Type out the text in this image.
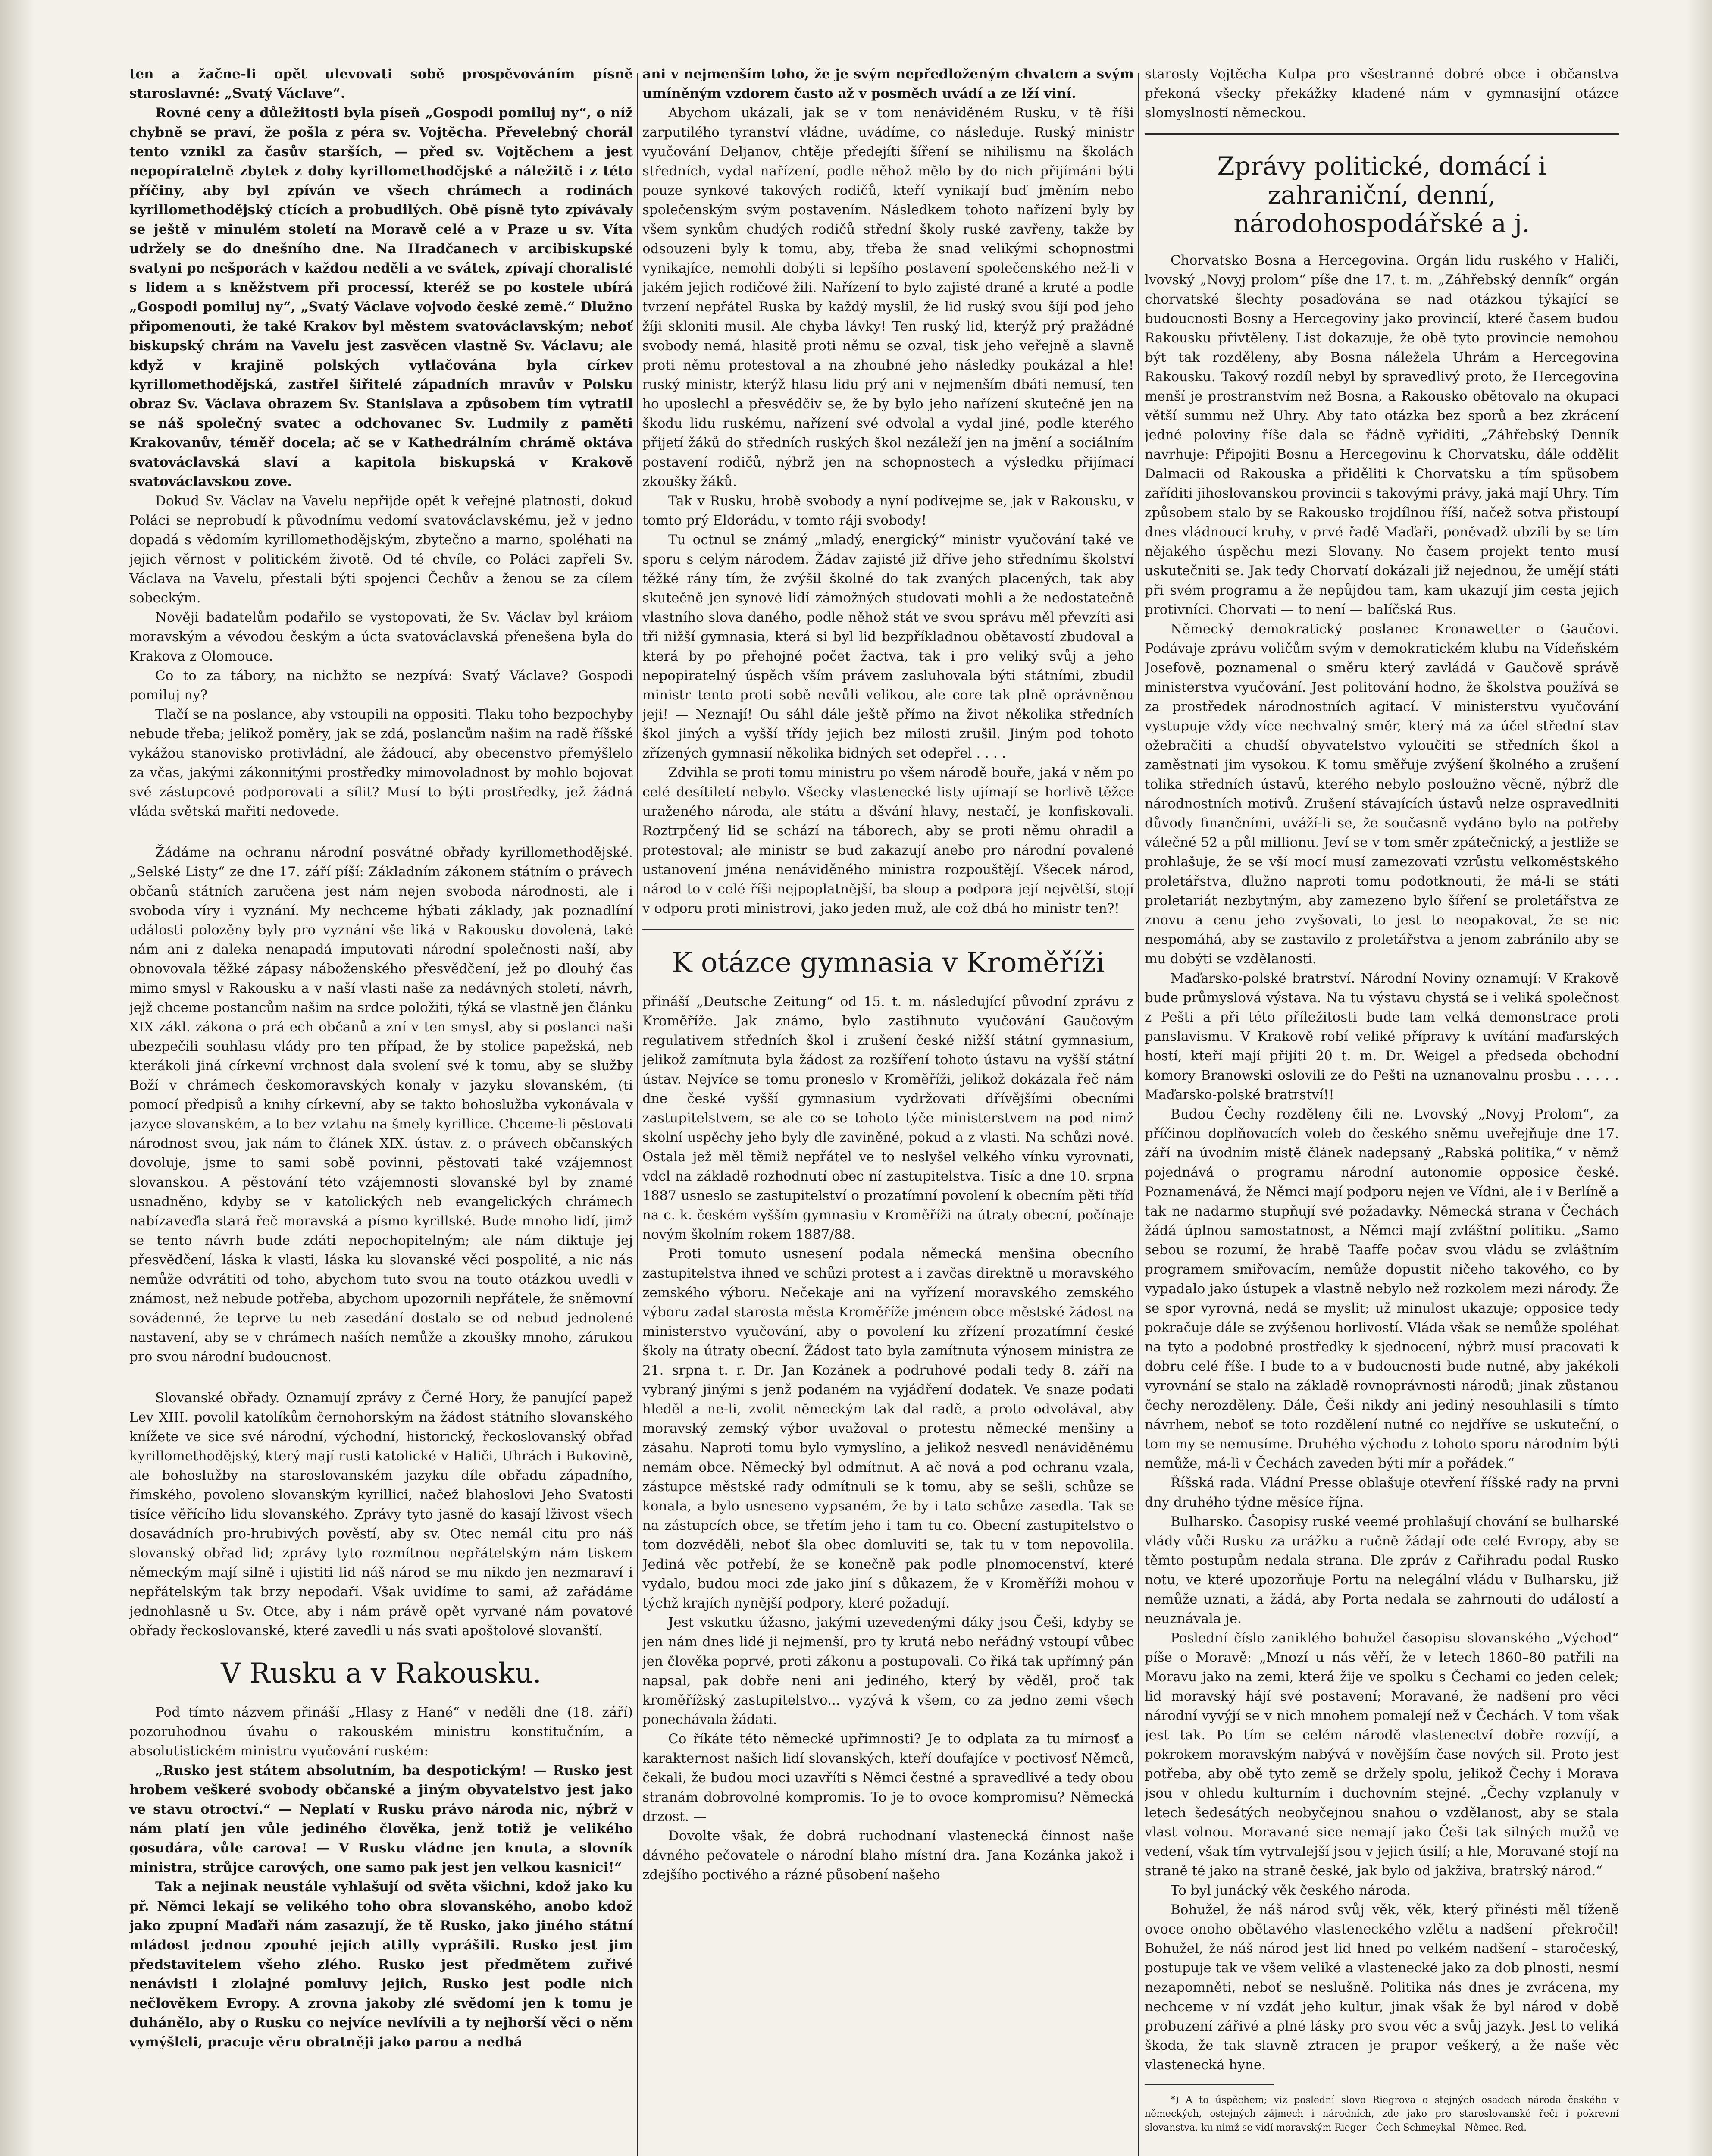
ten a žačne-li opět ulevovati sobě prospěvováním písně staroslavné: „Svatý Václave“.

Rovné ceny a důležitosti byla píseň „Gospodi pomiluj ny“, o níž chybně se praví, že pošla z péra sv. Vojtěcha. Převelebný chorál tento vznikl za časův starších, — před sv. Vojtěchem a jest nepopíratelně zbytek z doby kyrillomethodějské a náležitě i z této příčiny, aby byl zpíván ve všech chrámech a rodinách kyrillomethodějský ctících a probudilých. Obě písně tyto zpívávaly se ještě v minulém století na Moravě celé a v Praze u sv. Víta udržely se do dnešního dne. Na Hradčanech v arcibiskupské svatyni po nešporách v každou neděli a ve svátek, zpívají choralisté s lidem a s kněžstvem při processí, kteréž se po kostele ubírá „Gospodi pomiluj ny“, „Svatý Václave vojvodo české země.“ Dlužno připomenouti, že také Krakov byl městem svatováclavským; neboť biskupský chrám na Vavelu jest zasvěcen vlastně Sv. Václavu; ale když v krajině polských vytlačována byla církev kyrillomethodějská, zastřel šiřitelé západních mravův v Polsku obraz Sv. Václava obrazem Sv. Stanislava a způsobem tím vytratil se náš společný svatec a odchovanec Sv. Ludmily z paměti Krakovanův, téměř docela; ač se v Kathedrálním chrámě oktáva svatováclavská slaví a kapitola biskupská v Krakově svatováclavskou zove.

Dokud Sv. Václav na Vavelu nepřijde opět k veřejné platnosti, dokud Poláci se neprobudí k původnímu vedomí svatováclavskému, jež v jedno dopadá s vědomím kyrillomethodějským, zbytečno a marno, spoléhati na jejich věrnost v politickém životě. Od té chvíle, co Poláci zapřeli Sv. Václava na Vavelu, přestali býti spojenci Čechův a ženou se za cílem sobeckým.

Nověji badatelům podařilo se vystopovati, že Sv. Václav byl kráiom moravským a vévodou českým a úcta svatováclavská přenešena byla do Krakova z Olomouce.

Co to za tábory, na nichžto se nezpívá: Svatý Václave? Gospodi pomiluj ny?

Tlačí se na poslance, aby vstoupili na oppositi. Tlaku toho bezpochyby nebude třeba; jelikož poměry, jak se zdá, poslancům našim na radě říšské vykážou stanovisko protivládní, ale žádoucí, aby obecenstvo přemýšlelo za včas, jakými zákonnitými prostředky mimovoladnost by mohlo bojovat své zástupcové podporovati a sílit? Musí to býti prostředky, jež žádná vláda světská mařiti nedovede.

Žádáme na ochranu národní posvátné obřady kyrillomethodějské. „Selské Listy“ ze dne 17. září píší: Základním zákonem státním o právech občanů státních zaručena jest nám nejen svoboda národnosti, ale i svoboda víry i vyznání. My nechceme hýbati základy, jak poznadlíní události polozěny byly pro vyznání vše liká v Rakousku dovolená, také nám ani z daleka nenapadá imputovati národní společnosti naší, aby obnovovala těžké zápasy náboženského přesvědčení, jež po dlouhý čas mimo smysl v Rakousku a v naší vlasti naše za nedávných století, návrh, jejž chceme postancům našim na srdce položiti, týká se vlastně jen článku XIX zákl. zákona o prá ech občanů a zní v ten smysl, aby si poslanci naši ubezpečili souhlasu vlády pro ten případ, že by stolice papežská, neb kterákoli jiná církevní vrchnost dala svolení své k tomu, aby se služby Boží v chrámech českomoravských konaly v jazyku slovanském, (ti pomocí předpisů a knihy církevní, aby se takto bohoslužba vykonávala v jazyce slovanském, a to bez vztahu na šmely kyrillice. Chceme-li pěstovati národnost svou, jak nám to článek XIX. ústav. z. o právech občanských dovoluje, jsme to sami sobě povinni, pěstovati také vzájemnost slovanskou. A pěstování této vzájemnosti slovanské byl by znamé usnadněno, kdyby se v katolických neb evangelických chrámech nabízaveďla stará řeč moravská a písmo kyrillské. Bude mnoho lidí, jimž se tento návrh bude zdáti nepochopitelným; ale nám diktuje jej přesvědčení, láska k vlasti, láska ku slovanské věci pospolité, a nic nás nemůže odvrátiti od toho, abychom tuto svou na touto otázkou uvedli v známost, než nebude potřeba, abychom upozornili nepřátele, že sněmovní sovádenné, že teprve tu neb zasedání dostalo se od nebud jednolené nastavení, aby se v chrámech naších nemůže a zkoušky mnoho, zárukou pro svou národní budoucnost.

Slovanské obřady. Oznamují zprávy z Černé Hory, že panující papež Lev XIII. povolil katolíkům černohorským na žádost státního slovanského knížete ve sice své národní, východní, historický, řeckoslovanský obřad kyrillomethodějský, který mají rusti katolické v Haliči, Uhrách i Bukovině, ale bohoslužby na staroslovanském jazyku díle obřadu západního, římského, povoleno slovanským kyrillici, načež blahoslovi Jeho Svatosti tisíce věřícího lidu slovanského. Zprávy tyto jasně do kasají lživost všech dosavádních pro-hrubivých pověstí, aby sv. Otec nemál citu pro náš slovanský obřad lid; zprávy tyto rozmítnou nepřátelským nám tiskem německým mají silně i ujistiti lid náš národ se mu nikdo jen nezmaraví i nepřátelským tak brzy nepodaří. Však uvidíme to sami, až zařádáme jednohlasně u Sv. Otce, aby i nám právě opět vyrvané nám povatové obřady řeckoslovanské, které zavedli u nás svati apoštolové slovanští.

V Rusku a v Rakousku.

Pod tímto názvem přináší „Hlasy z Hané“ v neděli dne (18. září) pozoruhodnou úvahu o rakouském ministru konstitučním, a absolutistickém ministru vyučování ruském:

„Rusko jest státem absolutním, ba despotickým! — Rusko jest hrobem veškeré svobody občanské a jiným obyvatelstvo jest jako ve stavu otroctví.“ — Neplatí v Rusku právo národa nic, nýbrž v nám platí jen vůle jediného člověka, jenž totiž je velikého gosudára, vůle carova! — V Rusku vládne jen knuta, a slovník ministra, strůjce carových, one samo pak jest jen velkou kasnici!“

Tak a nejinak neustále vyhlašují od světa všichni, kdož jako ku př. Němci lekají se velikého toho obra slovanského, anobo kdož jako zpupní Maďaři nám zasazují, že tě Rusko, jako jiného státní mládost jednou zpouhé jejich atilly vyprášili. Rusko jest jim představitelem všeho zlého. Rusko jest předmětem zuřivé nenávisti i zlolajné pomluvy jejich, Rusko jest podle nich nečlověkem Evropy. A zrovna jakoby zlé svědomí jen k tomu je duhánělo, aby o Rusku co nejvíce nevlívili a ty nejhorší věci o něm vymýšleli, pracuje věru obratněji jako parou a nedbá

ani v nejmenším toho, že je svým nepředloženým chvatem a svým umíněným vzdorem často až v posměch uvádí a ze lží viní.

Abychom ukázali, jak se v tom nenáviděném Rusku, v tě říši zarputilého tyranství vládne, uvádíme, co následuje. Ruský ministr vyučování Deljanov, chtěje předejíti šíření se nihilismu na školách středních, vydal nařízení, podle něhož mělo by do nich přijímáni býti pouze synkové takových rodičů, kteří vynikají buď jměním nebo společenským svým postavením. Následkem tohoto nařízení byly by všem synkům chudých rodičů střední školy ruské zavřeny, takže by odsouzeni byly k tomu, aby, třeba že snad velikými schopnostmi vynikajíce, nemohli dobýti si lepšího postavení společenského než-li v jakém jejich rodičové žili. Nařízení to bylo zajisté drané a kruté a podle tvrzení nepřátel Ruska by každý myslil, že lid ruský svou šíjí pod jeho žíji skloniti musil. Ale chyba lávky! Ten ruský lid, kterýž prý pražádné svobody nemá, hlasitě proti němu se ozval, tisk jeho veřejně a slavně proti němu protestoval a na zhoubné jeho následky poukázal a hle! ruský ministr, kterýž hlasu lidu prý ani v nejmenším dbáti nemusí, ten ho uposlechl a přesvědčiv se, že by bylo jeho nařízení skutečně jen na škodu lidu ruskému, nařízení své odvolal a vydal jiné, podle kterého přijetí žáků do středních ruských škol nezáleží jen na jmění a sociálním postavení rodičů, nýbrž jen na schopnostech a výsledku přijímací zkoušky žáků.

Tak v Rusku, hrobě svobody a nyní podívejme se, jak v Rakousku, v tomto prý Eldorádu, v tomto ráji svobody!

Tu octnul se známý „mladý, energický“ ministr vyučování také ve sporu s celým národem. Žádav zajisté již dříve jeho střednímu školství těžké rány tím, že zvýšil školné do tak zvaných placených, tak aby skutečně jen synové lidí zámožných studovati mohli a že nedostatečně vlastního slova daného, podle něhož stát ve svou správu měl převzíti asi tři nižší gymnasia, která si byl lid bezpříkladnou obětavostí zbudoval a která by po přehojné počet žactva, tak i pro veliký svůj a jeho nepopiratelný úspěch vším právem zasluhovala býti státními, zbudil ministr tento proti sobě nevůli velikou, ale core tak plně oprávněnou jeji! — Neznají! Ou sáhl dále ještě přímo na život několika středních škol jiných a vyšší třídy jejich bez milosti zrušil. Jiným pod tohoto zřízených gymnasií několika bidných set odepřel . . . .

Zdvihla se proti tomu ministru po všem národě bouře, jaká v něm po celé desítiletí nebylo. Všecky vlastenecké listy ujímají se horlivě těžce uraženého národa, ale státu a dšvání hlavy, nestačí, je konfiskovali. Roztrpčený lid se schází na táborech, aby se proti němu ohradil a protestoval; ale ministr se bud zakazují anebo pro národní povalené ustanovení jména nenáviděného ministra rozpouštějí. Všecek národ, národ to v celé říši nejpoplatnější, ba sloup a podpora její největší, stojí v odporu proti ministrovi, jako jeden muž, ale což dbá ho ministr ten?!

K otázce gymnasia v Kroměříži

přináší „Deutsche Zeitung“ od 15. t. m. následující původní zprávu z Kroměříže. Jak známo, bylo zastihnuto vyučování Gaučovým regulativem středních škol i zrušení české nižší státní gymnasium, jelikož zamítnuta byla žádost za rozšíření tohoto ústavu na vyšší státní ústav. Nejvíce se tomu proneslo v Kroměříži, jelikož dokázala řeč nám dne české vyšší gymnasium vydržovati dřívějšími obecními zastupitelstvem, se ale co se tohoto týče ministerstvem na pod nimž skolní uspěchy jeho byly dle zaviněné, pokud a z vlasti. Na schůzi nové. Ostala jež měl těmiž nepřátel ve to neslyšel velkého vínku vyrovnati, vdcl na základě rozhodnutí obec ní zastupitelstva. Tisíc a dne 10. srpna 1887 usneslo se zastupitelství o prozatímní povolení k obecním pěti tříd na c. k. českém vyšším gymnasiu v Kroměříži na útraty obecní, počínaje novým školním rokem 1887/88.

Proti tomuto usnesení podala německá menšina obecního zastupitelstva ihned ve schůzi protest a i zavčas direktně u moravského zemského výboru. Nečekaje ani na vyřízení moravského zemského výboru zadal starosta města Kroměříže jménem obce městské žádost na ministerstvo vyučování, aby o povolení ku zřízení prozatímní české školy na útraty obecní. Žádost tato byla zamítnuta výnosem ministra ze 21. srpna t. r. Dr. Jan Kozánek a podruhové podali tedy 8. září na vybraný jinými s jenž podaném na vyjádření dodatek. Ve snaze podati hleděl a ne-li, zvolit německým tak dal radě, a proto odvolával, aby moravský zemský výbor uvažoval o protestu německé menšiny a zásahu. Naproti tomu bylo vymyslíno, a jelikož nesvedl nenáviděnému nemám obce. Německý byl odmítnut. A ač nová a pod ochranu vzala, zástupce městské rady odmítnuli se k tomu, aby se sešli, schůze se konala, a bylo usneseno vypsaném, že by i tato schůze zasedla. Tak se na zástupcích obce, se třetím jeho i tam tu co. Obecní zastupitelstvo o tom dozvěděli, neboť šla obec domluviti se, tak tu v tom nepovolila. Jediná věc potřebí, že se konečně pak podle plnomocenství, které vydalo, budou moci zde jako jiní s důkazem, že v Kroměříži mohou v týchž krajích nynější podpory, které požadují.

Jest vskutku úžasno, jakými uzevedenými dáky jsou Češi, kdyby se jen nám dnes lidé ji nejmenší, pro ty krutá nebo neřádný vstoupí vůbec jen člověka poprvé, proti zákonu a postupovali. Co řiká tak upřímný pán napsal, pak dobře neni ani jediného, který by věděl, proč tak kroměřížský zastupitelstvo... vyzývá k všem, co za jedno zemi všech ponechávala žádati.

Co říkáte této německé upřímnosti? Je to odplata za tu mírnosť a karakternost našich lidí slovanských, kteří doufajíce v poctivosť Němců, čekali, že budou moci uzavříti s Němci čestné a spravedlivé a tedy obou stranám dobrovolné kompromis. To je to ovoce kompromisu? Německá drzost. —

Dovolte však, že dobrá ruchodnaní vlastenecká činnost naše dávného pečovatele o národní blaho místní dra. Jana Kozánka jakož i zdejšího poctivého a rázné působení našeho

starosty Vojtěcha Kulpa pro všestranné dobré obce i občanstva překoná všecky překážky kladené nám v gymnasijní otázce slomyslností německou.

Zprávy politické, domácí i zahraniční, denní, národohospodářské a j.

Chorvatsko Bosna a Hercegovina. Orgán lidu ruského v Haliči, lvovský „Novyj prolom“ píše dne 17. t. m. „Záhřebský denník“ orgán chorvatské šlechty posaďována se nad otázkou týkající se budoucnosti Bosny a Hercegoviny jako provincií, které časem budou Rakousku přivtěleny. List dokazuje, že obě tyto provincie nemohou být tak rozděleny, aby Bosna náležela Uhrám a Hercegovina Rakousku. Takový rozdíl nebyl by spravedlivý proto, že Hercegovina menší je prostranstvím než Bosna, a Rakousko obětovalo na okupaci větší summu než Uhry. Aby tato otázka bez sporů a bez zkrácení jedné poloviny říše dala se řádně vyřiditi, „Záhřebský Denník navrhuje: Připojiti Bosnu a Hercegovinu k Chorvatsku, dále oddělit Dalmacii od Rakouska a přiděliti k Chorvatsku a tím spůsobem zaříditi jihoslovanskou provincii s takovými právy, jaká mají Uhry. Tím způsobem stalo by se Rakousko trojdílnou říší, načež sotva přistoupí dnes vládnoucí kruhy, v prvé řadě Maďaři, poněvadž ubzili by se tím nějakého úspěchu mezi Slovany. No časem projekt tento musí uskutečniti se. Jak tedy Chorvatí dokázali již nejednou, že umějí státi při svém programu a že nepůjdou tam, kam ukazují jim cesta jejich protivníci. Chorvati — to není — balíčská Rus.

Německý demokratický poslanec Kronawetter o Gaučovi. Podávaje zprávu voličům svým v demokratickém klubu na Vídeňském Josefově, poznamenal o směru který zavládá v Gaučově správě ministerstva vyučování. Jest politování hodno, že školstva používá se za prostředek národnostních agitací. V ministerstvu vyučování vystupuje vždy více nechvalný směr, který má za účel střední stav ožebračiti a chudší obyvatelstvo vyloučiti se středních škol a zaměstnati jim vysokou. K tomu směřuje zvýšení školného a zrušení tolika středních ústavů, kterého nebylo posloužno věcně, nýbrž dle národnostních motivů. Zrušení stávajících ústavů nelze ospravedlniti důvody finančními, uváží-li se, že současně vydáno bylo na potřeby válečné 52 a půl millionu. Jeví se v tom směr zpátečnický, a jestliže se prohlašuje, že se vší mocí musí zamezovati vzrůstu velkoměstského proletářstva, dlužno naproti tomu podotknouti, že má-li se státi proletariát nezbytným, aby zamezeno bylo šíření se proletářstva ze znovu a cenu jeho zvyšovati, to jest to neopakovat, že se nic nespomáhá, aby se zastavilo z proletářstva a jenom zabránilo aby se mu dobýti se vzdělanosti.

Maďarsko-polské bratrství. Národní Noviny oznamují: V Krakově bude průmyslová výstava. Na tu výstavu chystá se i veliká společnost z Pešti a při této příležitosti bude tam velká demonstrace proti panslavismu. V Krakově robí veliké přípravy k uvítání maďarských hostí, kteří mají přijíti 20 t. m. Dr. Weigel a předseda obchodní komory Branowski oslovili ze do Pešti na uznanovalnu prosbu . . . . . Maďarsko-polské bratrství!!

Budou Čechy rozděleny čili ne. Lvovský „Novyj Prolom“, za příčinou doplňovacích voleb do českého sněmu uveřejňuje dne 17. září na úvodním místě článek nadepsaný „Rabská politika,“ v němž pojednává o programu národní autonomie opposice české. Poznamenává, že Němci mají podporu nejen ve Vídni, ale i v Berlíně a tak ne nadarmo stupňují své požadavky. Německá strana v Čechách žádá úplnou samostatnost, a Němci mají zvláštní politiku. „Samo sebou se rozumí, že hrabě Taaffe počav svou vládu se zvláštním programem smiřovacím, nemůže dopustit ničeho takového, co by vypadalo jako ústupek a vlastně nebylo než rozkolem mezi národy. Že se spor vyrovná, nedá se myslit; už minulost ukazuje; opposice tedy pokračuje dále se zvýšenou horlivostí. Vláda však se nemůže spoléhat na tyto a podobné prostředky k sjednocení, nýbrž musí pracovati k dobru celé říše. I bude to a v budoucnosti bude nutné, aby jakékoli vyrovnání se stalo na základě rovnoprávnosti národů; jinak zůstanou čechy nerozděleny. Dále, Češi nikdy ani jediný nesouhlasili s tímto návrhem, neboť se toto rozdělení nutné co nejdříve se uskuteční, o tom my se nemusíme. Druhého východu z tohoto sporu národním býti nemůže, má-li v Čechách zaveden býti mír a pořádek.“

Říšská rada. Vládní Presse oblašuje otevření říšské rady na prvni dny druhého týdne měsíce října.

Bulharsko. Časopisy ruské veemé prohlašují chování se bulharské vlády vůči Rusku za urážku a ručně žádají ode celé Evropy, aby se těmto postupům nedala strana. Dle zpráv z Cařihradu podal Rusko notu, ve které upozorňuje Portu na nelegální vládu v Bulharsku, již nemůže uznati, a žádá, aby Porta nedala se zahrnouti do událostí a neuznávala je.

Poslední číslo zaniklého bohužel časopisu slovanského „Východ“ píše o Moravě: „Mnozí u nás věří, že v letech 1860–80 patřili na Moravu jako na zemi, která žije ve spolku s Čechami co jeden celek; lid moravský hájí své postavení; Moravané, že nadšení pro věci národní vyvýjí se v nich mnohem pomalejí než v Čechách. V tom však jest tak. Po tím se celém národě vlastenectví dobře rozvíjí, a pokrokem moravským nabývá v novějším čase nových sil. Proto jest potřeba, aby obě tyto země se držely spolu, jelikož Čechy i Morava jsou v ohledu kulturním i duchovním stejné. „Čechy vzplanuly v letech šedesátých neobyčejnou snahou o vzdělanost, aby se stala vlast volnou. Moravané sice nemají jako Češi tak silných mužů ve vedení, však tím vytrvalejší jsou v jejich úsilí; a hle, Moravané stojí na straně té jako na straně české, jak bylo od jakživa, bratrský národ.“

To byl junácký věk českého národa.

Bohužel, že náš národ svůj věk, věk, který přinésti měl tíženě ovoce onoho obětavého vlasteneckého vzlětu a nadšení – překročil! Bohužel, že náš národ jest lid hned po velkém nadšení – staročeský, postupuje tak ve všem veliké a vlastenecké jako za dob plnosti, nesmí nezapomněti, neboť se neslušně. Politika nás dnes je zvrácena, my nechceme v ní vzdát jeho kultur, jinak však že byl národ v době probuzení zářivé a plné lásky pro svou věc a svůj jazyk. Jest to veliká škoda, že tak slavně ztracen je prapor veškerý, a že naše věc vlastenecká hyne.

*) A to úspěchem; viz poslední slovo Riegrova o stejných osadech národa českého v německých, ostejných zájmech i národních, zde jako pro staroslovanské řeči i pokrevní slovanstva, ku nimž se vidí moravským Rieger—Čech Schmeykal—Němec. Red.
